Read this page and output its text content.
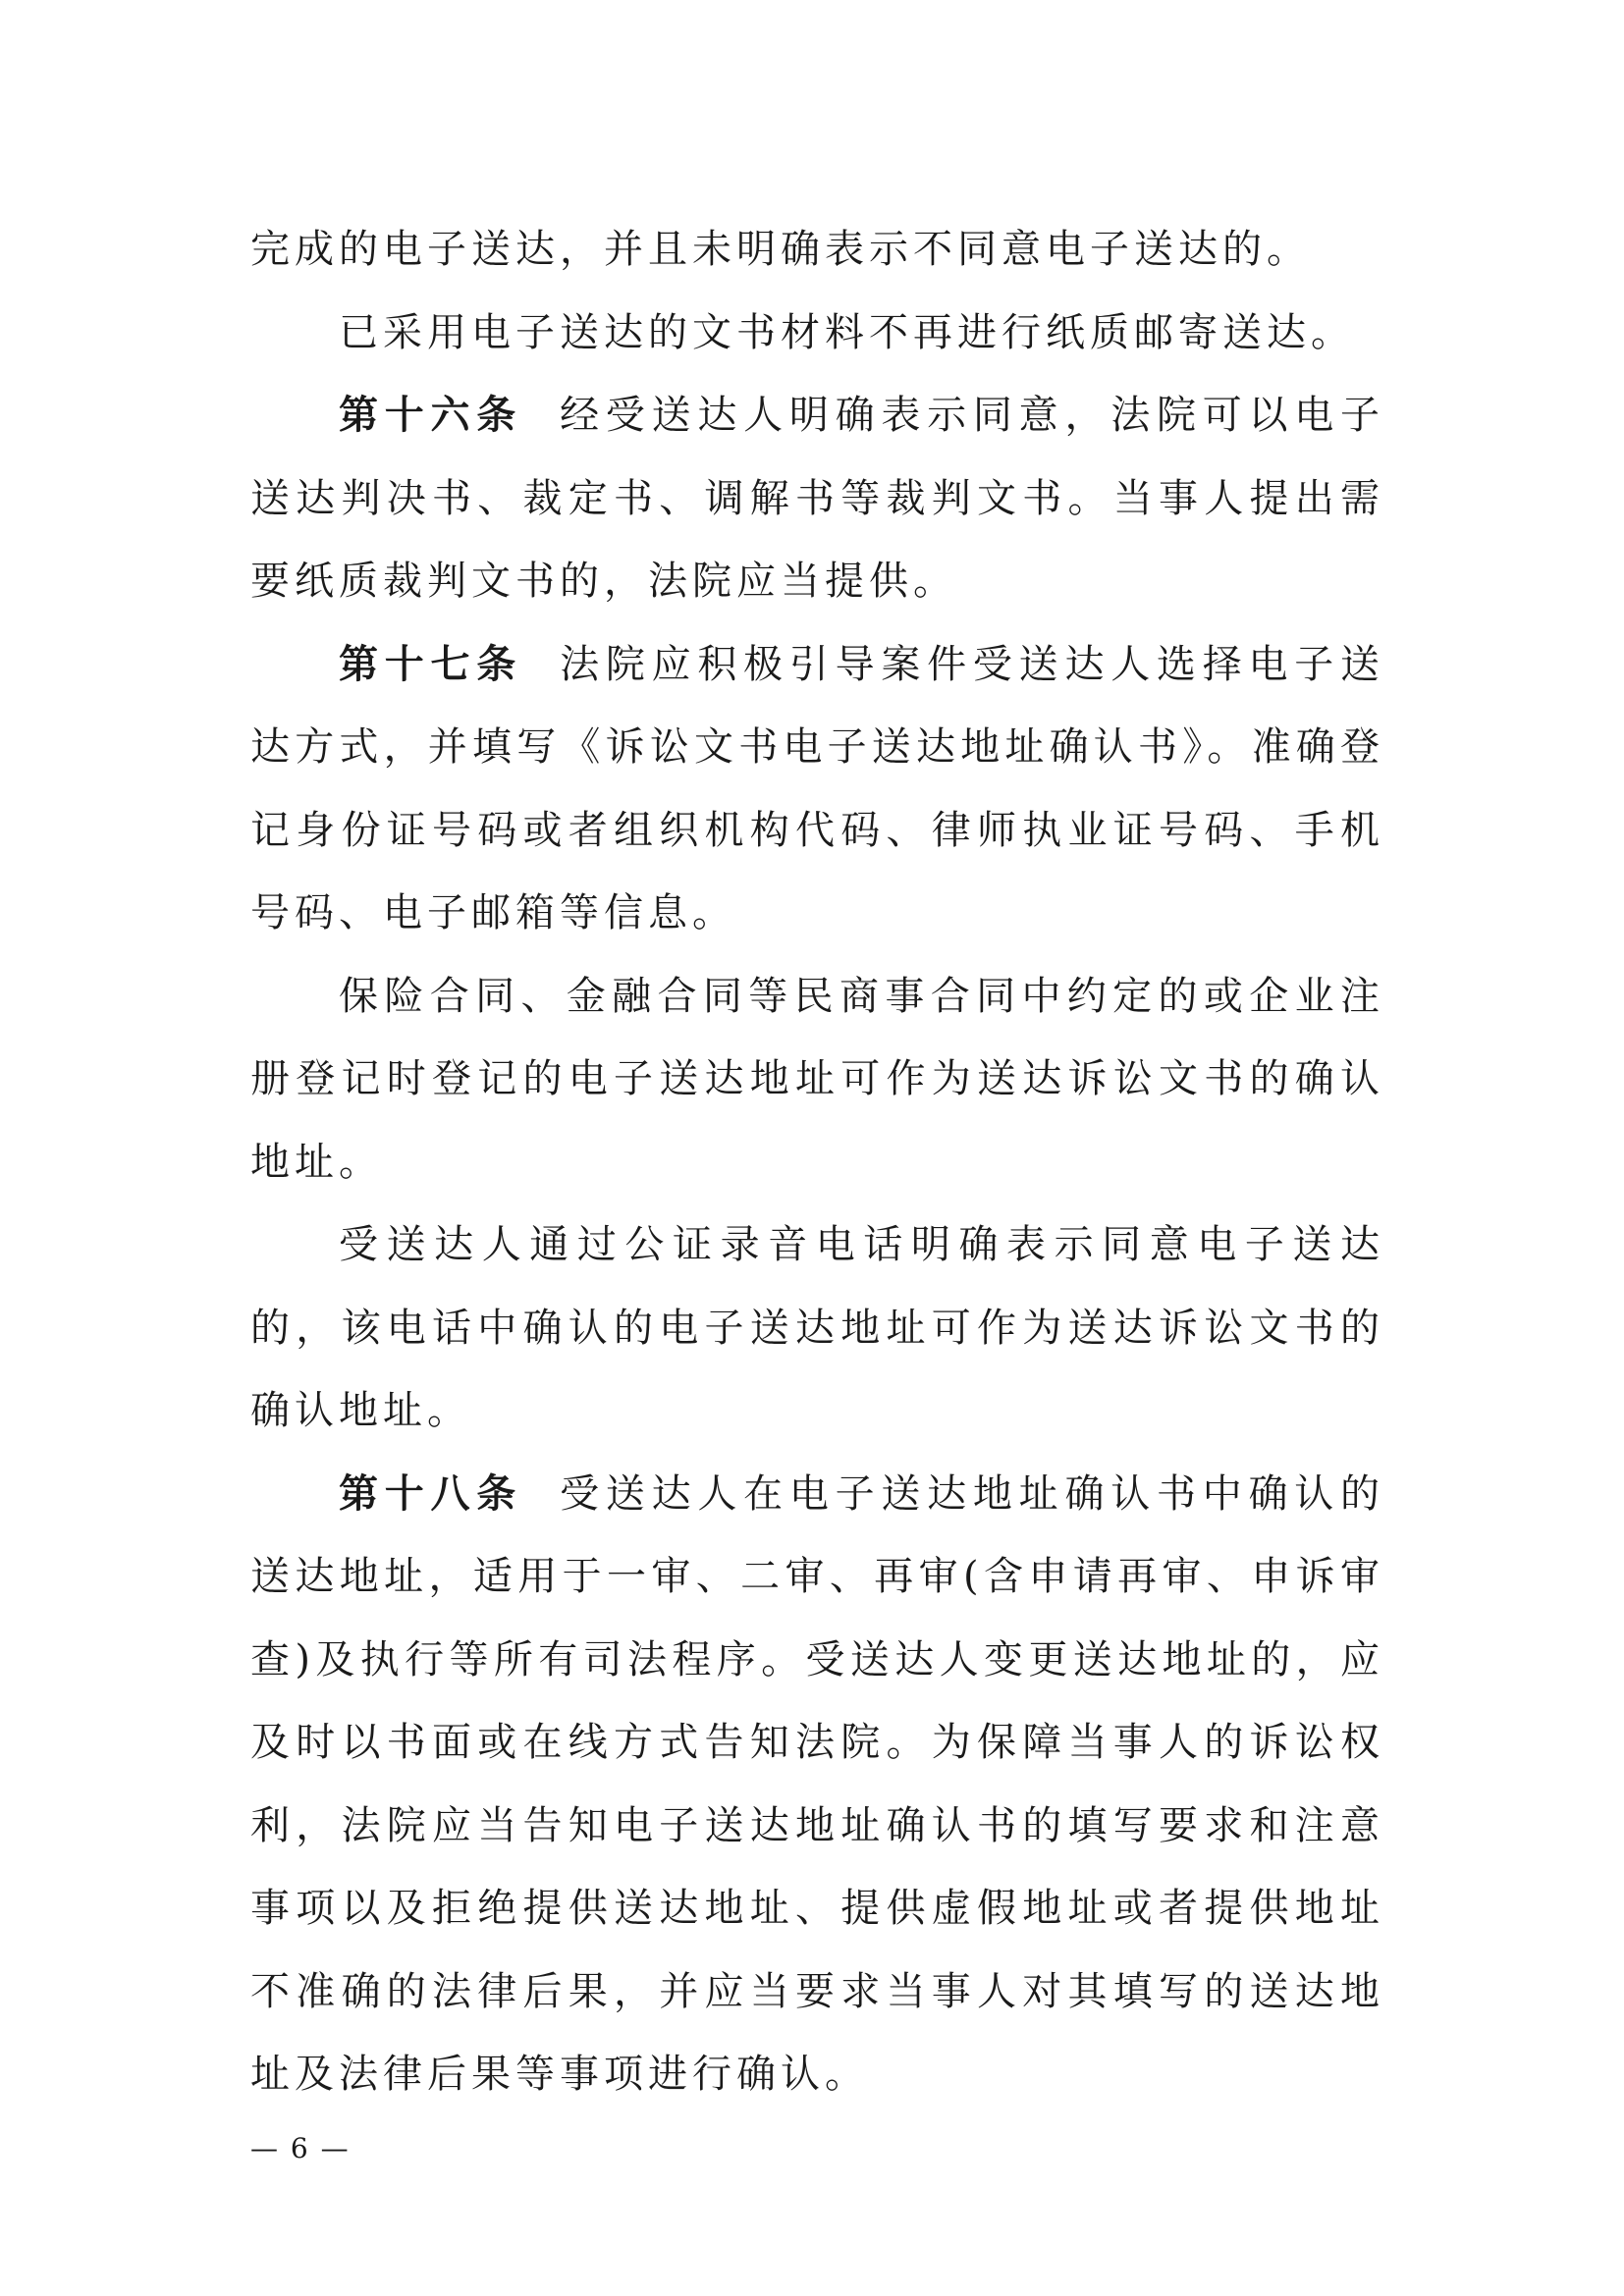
完成的电子送达，并且未明确表示不同意电子送达的。

已采用电子送达的文书材料不再进行纸质邮寄送达。

第十六条 经受送达人明确表示同意，法院可以电子送达判决书、裁定书、调解书等裁判文书。当事人提出需要纸质裁判文书的，法院应当提供。

第十七条 法院应积极引导案件受送达人选择电子送达方式，并填写《诉讼文书电子送达地址确认书》。准确登记身份证号码或者组织机构代码、律师执业证号码、手机号码、电子邮箱等信息。

保险合同、金融合同等民商事合同中约定的或企业注册登记时登记的电子送达地址可作为送达诉讼文书的确认地址。

受送达人通过公证录音电话明确表示同意电子送达的，该电话中确认的电子送达地址可作为送达诉讼文书的确认地址。

第十八条 受送达人在电子送达地址确认书中确认的送达地址，适用于一审、二审、再审(含申请再审、申诉审查)及执行等所有司法程序。受送达人变更送达地址的，应及时以书面或在线方式告知法院。为保障当事人的诉讼权利，法院应当告知电子送达地址确认书的填写要求和注意事项以及拒绝提供送达地址、提供虚假地址或者提供地址不准确的法律后果，并应当要求当事人对其填写的送达地址及法律后果等事项进行确认。

— 6 —
